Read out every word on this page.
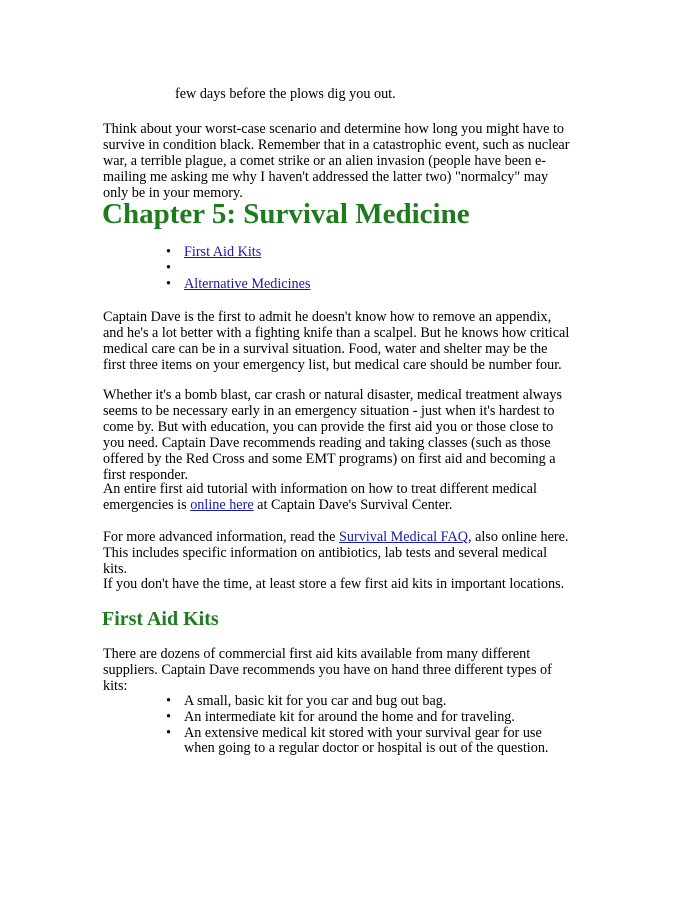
few days before the plows dig you out.

Think about your worst-case scenario and determine how long you might have to survive in condition black. Remember that in a catastrophic event, such as nuclear war, a terrible plague, a comet strike or an alien invasion (people have been e-mailing me asking me why I haven't addressed the latter two) "normalcy" may only be in your memory.

Chapter 5: Survival Medicine
• First Aid Kits
•
• Alternative Medicines

Captain Dave is the first to admit he doesn't know how to remove an appendix, and he's a lot better with a fighting knife than a scalpel. But he knows how critical medical care can be in a survival situation. Food, water and shelter may be the first three items on your emergency list, but medical care should be number four.

Whether it's a bomb blast, car crash or natural disaster, medical treatment always seems to be necessary early in an emergency situation - just when it's hardest to come by. But with education, you can provide the first aid you or those close to you need. Captain Dave recommends reading and taking classes (such as those offered by the Red Cross and some EMT programs) on first aid and becoming a first responder.

An entire first aid tutorial with information on how to treat different medical emergencies is online here at Captain Dave's Survival Center.

For more advanced information, read the Survival Medical FAQ, also online here. This includes specific information on antibiotics, lab tests and several medical kits.

If you don't have the time, at least store a few first aid kits in important locations.

First Aid Kits

There are dozens of commercial first aid kits available from many different suppliers. Captain Dave recommends you have on hand three different types of kits:

• A small, basic kit for you car and bug out bag.
• An intermediate kit for around the home and for traveling.
• An extensive medical kit stored with your survival gear for use when going to a regular doctor or hospital is out of the question.
